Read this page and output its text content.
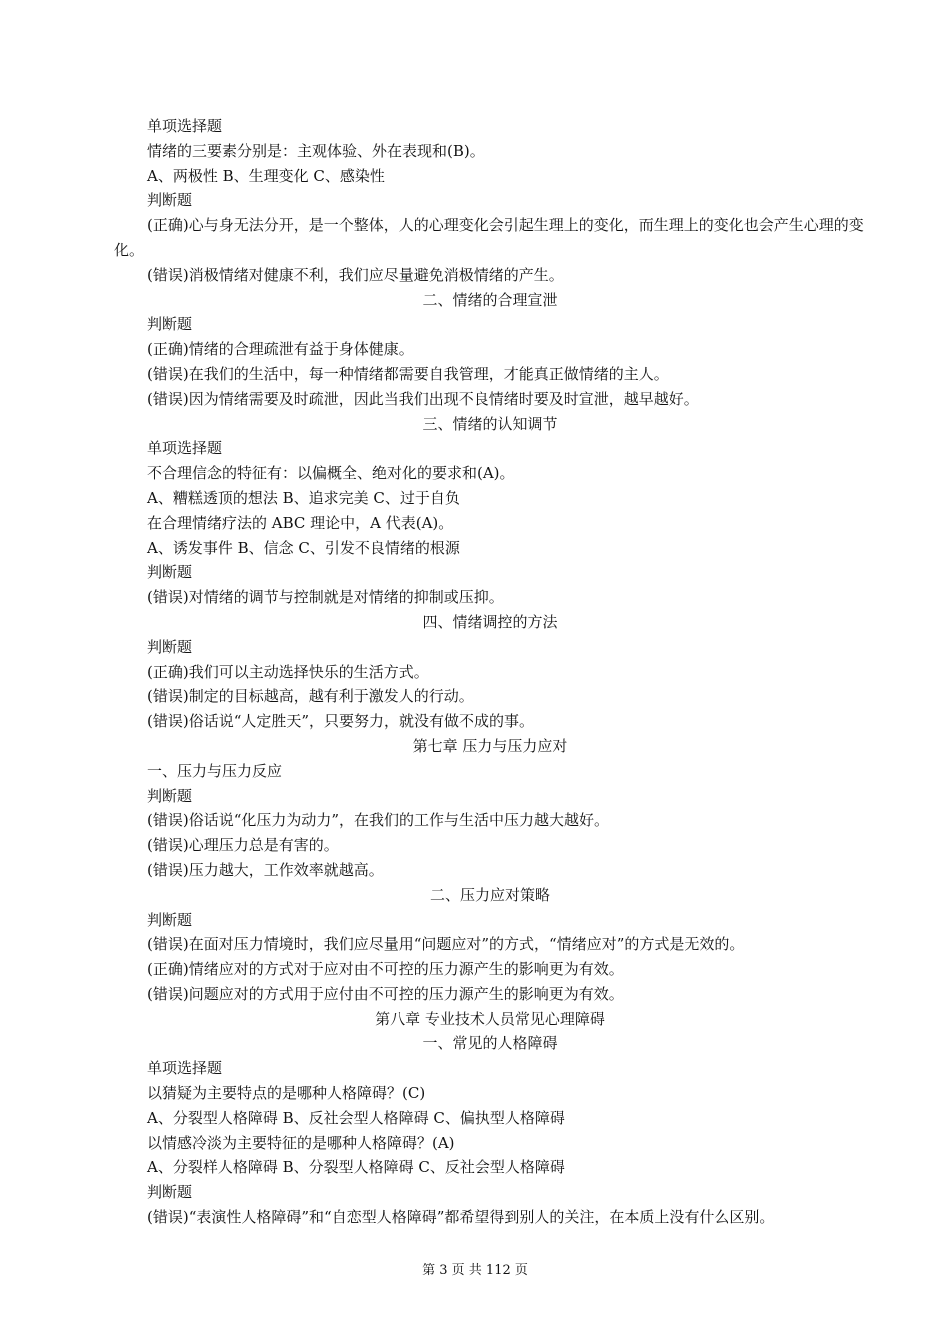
单项选择题
情绪的三要素分别是：主观体验、外在表现和(B)。
A、两极性 B、生理变化 C、感染性
判断题
(正确)心与身无法分开，是一个整体，人的心理变化会引起生理上的变化，而生理上的变化也会产生心理的变化。
(错误)消极情绪对健康不利，我们应尽量避免消极情绪的产生。
二、情绪的合理宣泄
判断题
(正确)情绪的合理疏泄有益于身体健康。
(错误)在我们的生活中，每一种情绪都需要自我管理，才能真正做情绪的主人。
(错误)因为情绪需要及时疏泄，因此当我们出现不良情绪时要及时宣泄，越早越好。
三、情绪的认知调节
单项选择题
不合理信念的特征有：以偏概全、绝对化的要求和(A)。
A、糟糕透顶的想法 B、追求完美 C、过于自负
在合理情绪疗法的 ABC 理论中，A 代表(A)。
A、诱发事件 B、信念 C、引发不良情绪的根源
判断题
(错误)对情绪的调节与控制就是对情绪的抑制或压抑。
四、情绪调控的方法
判断题
(正确)我们可以主动选择快乐的生活方式。
(错误)制定的目标越高，越有利于激发人的行动。
(错误)俗话说“人定胜天”，只要努力，就没有做不成的事。
第七章 压力与压力应对
一、压力与压力反应
判断题
(错误)俗话说“化压力为动力”，在我们的工作与生活中压力越大越好。
(错误)心理压力总是有害的。
(错误)压力越大，工作效率就越高。
二、压力应对策略
判断题
(错误)在面对压力情境时，我们应尽量用“问题应对”的方式，“情绪应对”的方式是无效的。
(正确)情绪应对的方式对于应对由不可控的压力源产生的影响更为有效。
(错误)问题应对的方式用于应付由不可控的压力源产生的影响更为有效。
第八章 专业技术人员常见心理障碍
一、常见的人格障碍
单项选择题
以猜疑为主要特点的是哪种人格障碍？(C)
A、分裂型人格障碍 B、反社会型人格障碍 C、偏执型人格障碍
以情感冷淡为主要特征的是哪种人格障碍？(A)
A、分裂样人格障碍 B、分裂型人格障碍 C、反社会型人格障碍
判断题
(错误)“表演性人格障碍”和“自恋型人格障碍”都希望得到别人的关注，在本质上没有什么区别。
第 3 页 共 112 页
